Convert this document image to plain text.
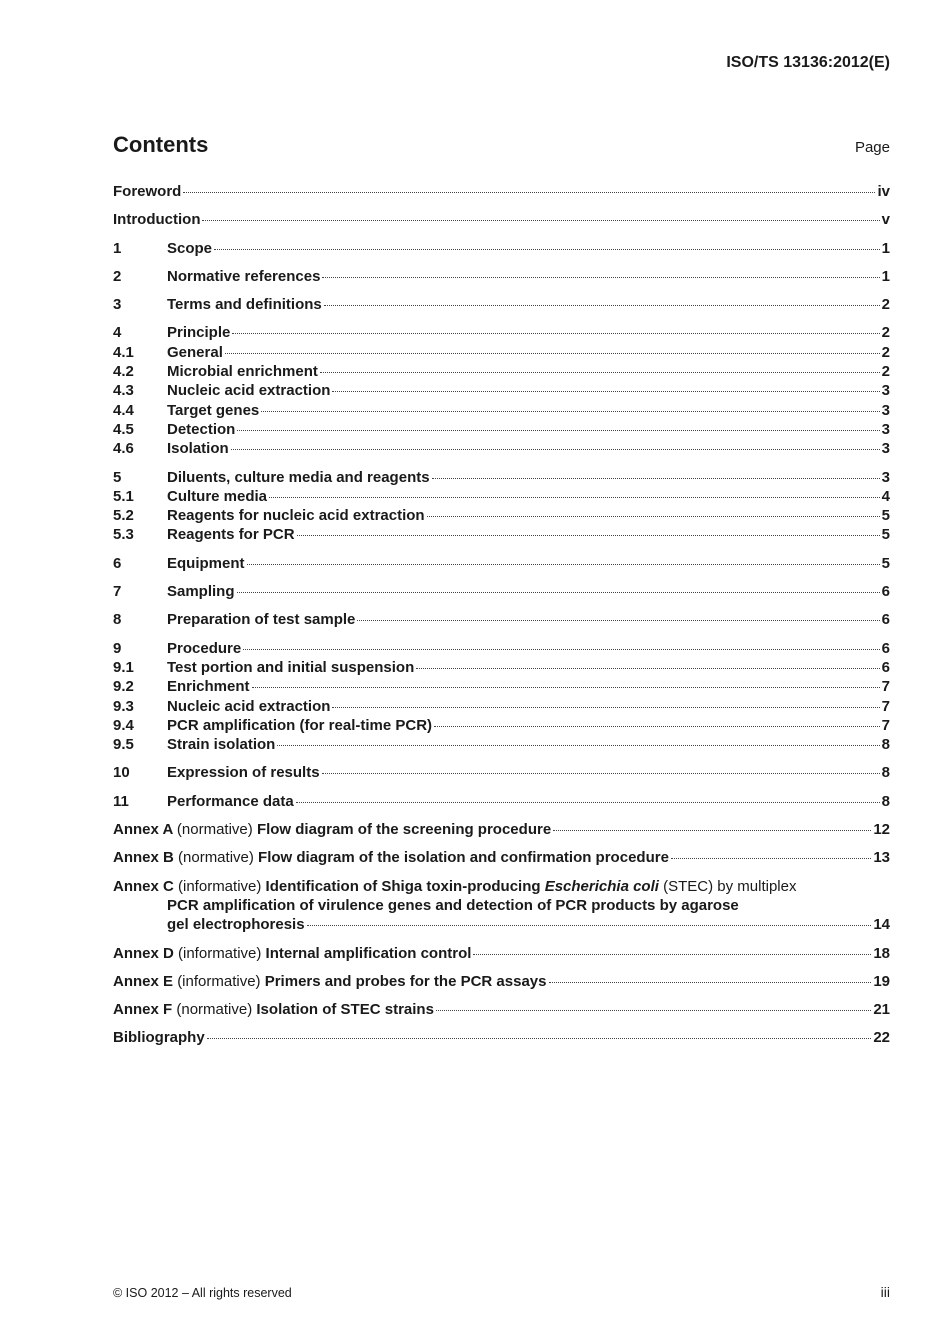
ISO/TS 13136:2012(E)
Contents	Page
Foreword	iv
Introduction	v
1	Scope	1
2	Normative references	1
3	Terms and definitions	2
4	Principle	2
4.1	General	2
4.2	Microbial enrichment	2
4.3	Nucleic acid extraction	3
4.4	Target genes	3
4.5	Detection	3
4.6	Isolation	3
5	Diluents, culture media and reagents	3
5.1	Culture media	4
5.2	Reagents for nucleic acid extraction	5
5.3	Reagents for PCR	5
6	Equipment	5
7	Sampling	6
8	Preparation of test sample	6
9	Procedure	6
9.1	Test portion and initial suspension	6
9.2	Enrichment	7
9.3	Nucleic acid extraction	7
9.4	PCR amplification (for real-time PCR)	7
9.5	Strain isolation	8
10	Expression of results	8
11	Performance data	8
Annex A (normative) Flow diagram of the screening procedure	12
Annex B (normative) Flow diagram of the isolation and confirmation procedure	13
Annex C (informative) Identification of Shiga toxin-producing Escherichia coli (STEC) by multiplex
PCR amplification of virulence genes and detection of PCR products by agarose
gel electrophoresis	14
Annex D (informative) Internal amplification control	18
Annex E (informative) Primers and probes for the PCR assays	19
Annex F (normative) Isolation of STEC strains	21
Bibliography	22
© ISO 2012 – All rights reserved	iii
